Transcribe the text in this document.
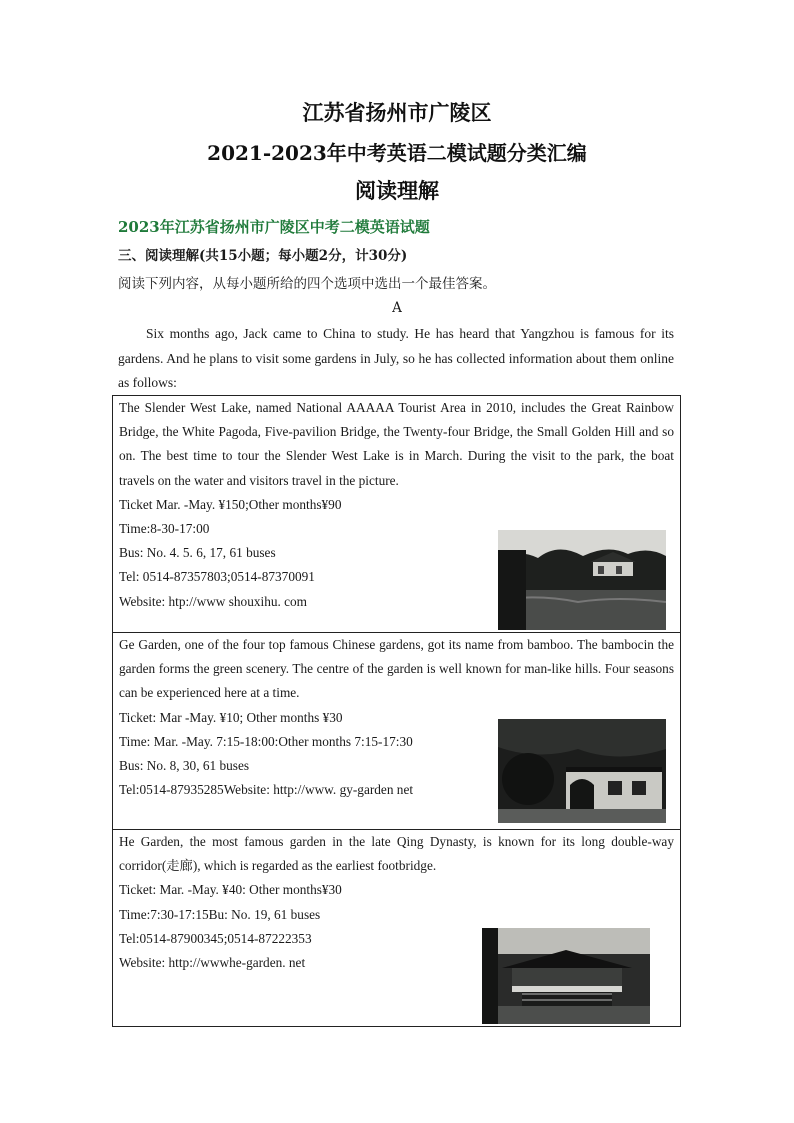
江苏省扬州市广陵区
2021-2023年中考英语二模试题分类汇编
阅读理解
2023年江苏省扬州市广陵区中考二模英语试题
三、阅读理解(共15小题；每小题2分，计30分)
阅读下列内容，从每小题所给的四个选项中选出一个最佳答案。
A

Six months ago, Jack came to China to study. He has heard that Yangzhou is famous for its gardens. And he plans to visit some gardens in July, so he has collected information about them online as follows:

The Slender West Lake, named National AAAAA Tourist Area in 2010, includes the Great Rainbow Bridge, the White Pagoda, Five-pavilion Bridge, the Twenty-four Bridge, the Small Golden Hill and so on. The best time to tour the Slender West Lake is in March. During the visit to the park, the boat travels on the water and visitors travel in the picture.

Ticket Mar. -May. ¥150;Other months¥90

Time:8-30-17:00

Bus: No. 4. 5. 6, 17, 61 buses

Tel: 0514-87357803;0514-87370091

Website: htp://www shouxihu. com

Ge Garden, one of the four top famous Chinese gardens, got its name from bamboo. The bambocin the garden forms the green scenery. The centre of the garden is well known for man-like hills. Four seasons can be experienced here at a time.

Ticket: Mar -May. ¥10; Other months ¥30

Time: Mar. -May. 7:15-18:00:Other months 7:15-17:30

Bus: No. 8, 30, 61 buses

Tel:0514-87935285Website: http://www. gy-garden net

He Garden, the most famous garden in the late Qing Dynasty, is known for its long double-way corridor(走廊), which is regarded as the earliest footbridge.

Ticket: Mar. -May. ¥40: Other months¥30

Time:7:30-17:15Bu: No. 19, 61 buses

Tel:0514-87900345;0514-87222353

Website: http://wwwhe-garden. net
